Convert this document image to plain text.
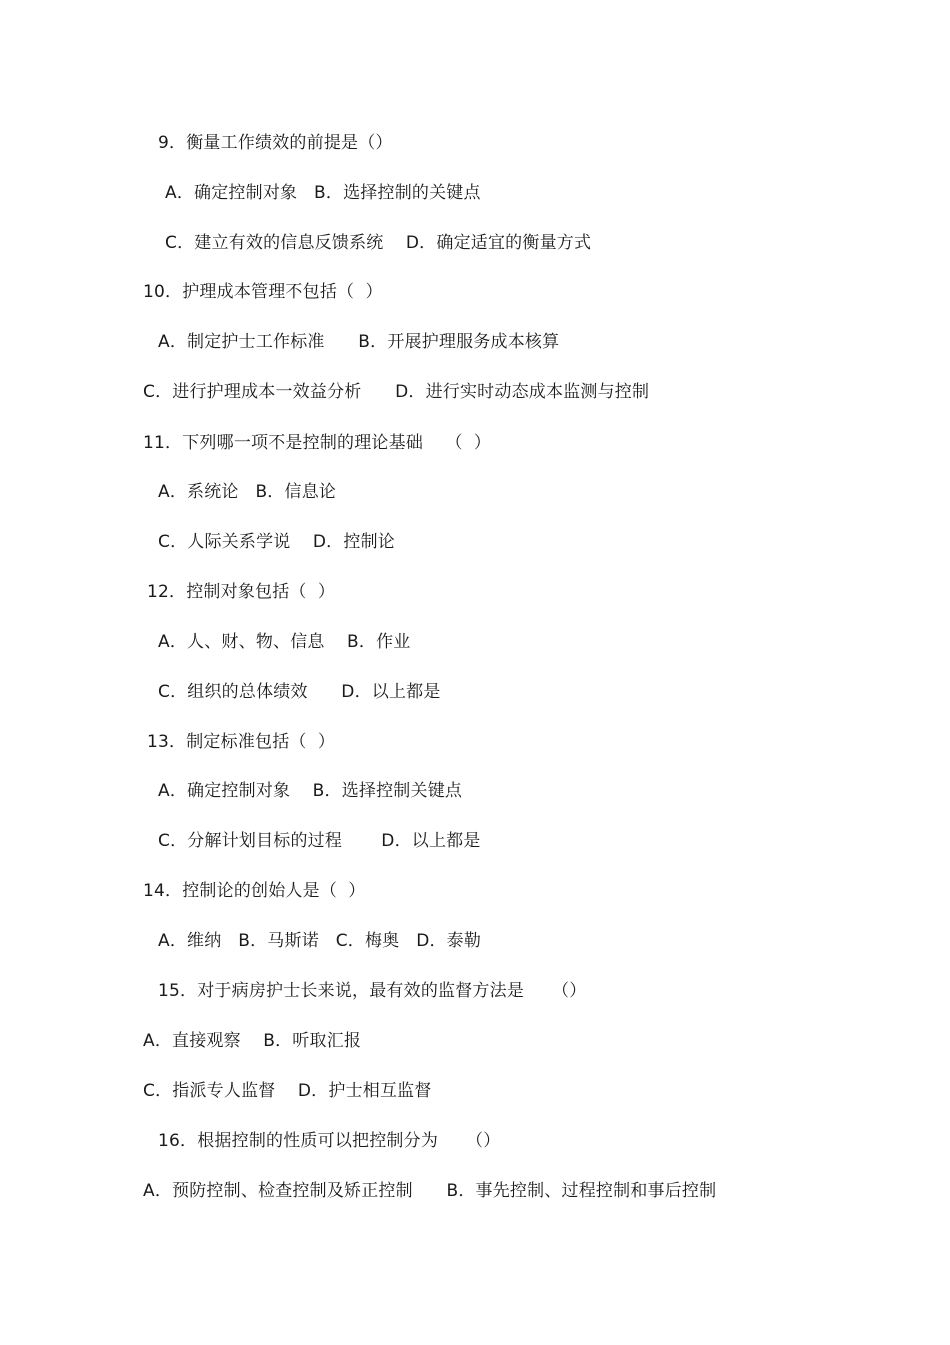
9．衡量工作绩效的前提是（）
A．确定控制对象   B．选择控制的关键点
C．建立有效的信息反馈系统    D．确定适宜的衡量方式
10．护理成本管理不包括（  ）
A．制定护士工作标准      B．开展护理服务成本核算
C．进行护理成本一效益分析      D．进行实时动态成本监测与控制
11．下列哪一项不是控制的理论基础    （  ）
A．系统论   B．信息论
C．人际关系学说    D．控制论
12．控制对象包括（  ）
A．人、财、物、信息    B．作业
C．组织的总体绩效      D．以上都是
13．制定标准包括（  ）
A．确定控制对象    B．选择控制关键点
C．分解计划目标的过程       D．以上都是
14．控制论的创始人是（  ）
A．维纳   B．马斯诺   C．梅奥   D．泰勒
15．对于病房护士长来说，最有效的监督方法是     （）
A．直接观察    B．听取汇报
C．指派专人监督    D．护士相互监督
16．根据控制的性质可以把控制分为     （）
A．预防控制、检查控制及矫正控制      B．事先控制、过程控制和事后控制
